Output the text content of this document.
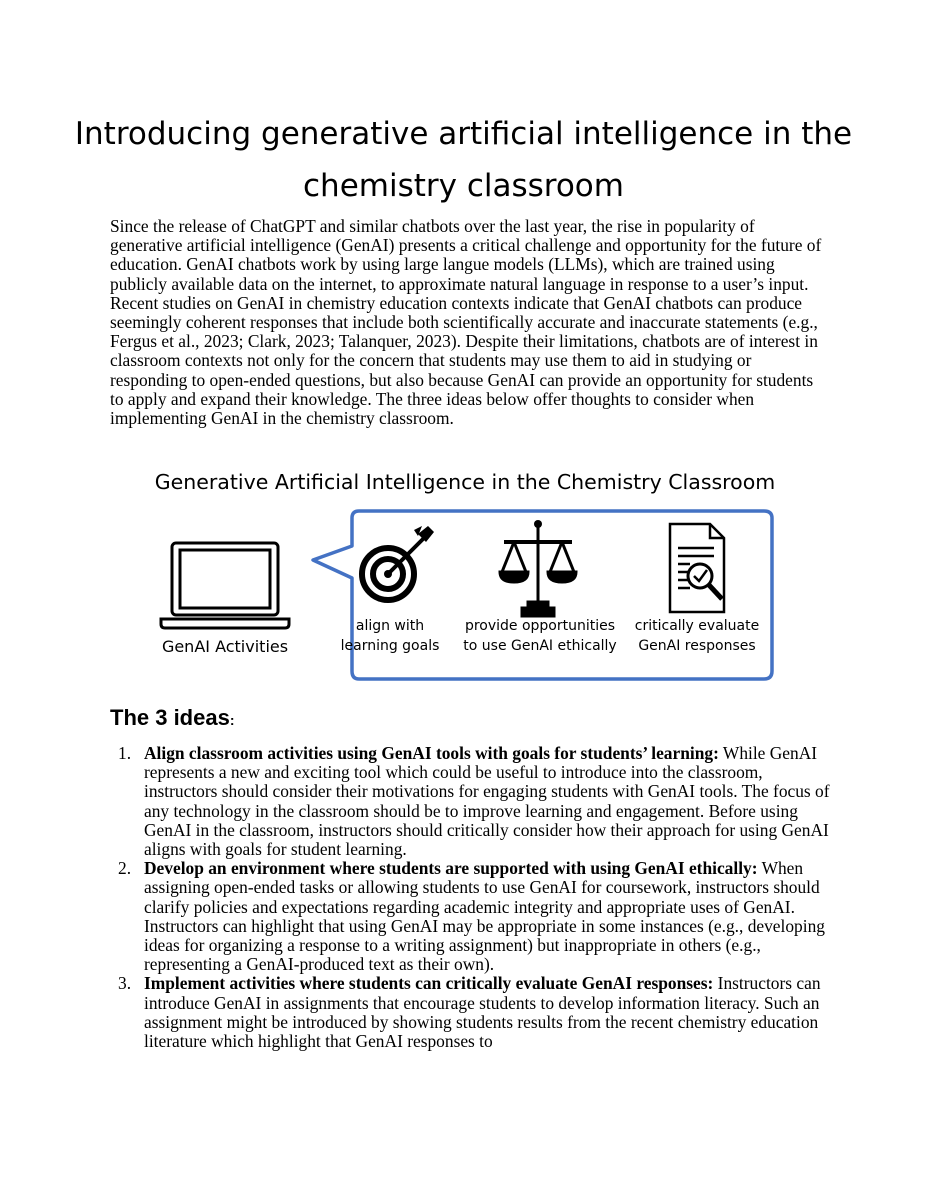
Introducing generative artificial intelligence in the chemistry classroom

Since the release of ChatGPT and similar chatbots over the last year, the rise in popularity of generative artificial intelligence (GenAI) presents a critical challenge and opportunity for the future of education. GenAI chatbots work by using large langue models (LLMs), which are trained using publicly available data on the internet, to approximate natural language in response to a user’s input. Recent studies on GenAI in chemistry education contexts indicate that GenAI chatbots can produce seemingly coherent responses that include both scientifically accurate and inaccurate statements (e.g., Fergus et al., 2023; Clark, 2023; Talanquer, 2023). Despite their limitations, chatbots are of interest in classroom contexts not only for the concern that students may use them to aid in studying or responding to open-ended questions, but also because GenAI can provide an opportunity for students to apply and expand their knowledge. The three ideas below offer thoughts to consider when implementing GenAI in the chemistry classroom.

Generative Artificial Intelligence in the Chemistry Classroom
GenAI Activities
align with
learning goals
provide opportunities
to use GenAI ethically
critically evaluate
GenAI responses
The 3 ideas:
1. Align classroom activities using GenAI tools with goals for students’ learning: While GenAI represents a new and exciting tool which could be useful to introduce into the classroom, instructors should consider their motivations for engaging students with GenAI tools. The focus of any technology in the classroom should be to improve learning and engagement. Before using GenAI in the classroom, instructors should critically consider how their approach for using GenAI aligns with goals for student learning.
2. Develop an environment where students are supported with using GenAI ethically: When assigning open-ended tasks or allowing students to use GenAI for coursework, instructors should clarify policies and expectations regarding academic integrity and appropriate uses of GenAI. Instructors can highlight that using GenAI may be appropriate in some instances (e.g., developing ideas for organizing a response to a writing assignment) but inappropriate in others (e.g., representing a GenAI-produced text as their own).
3. Implement activities where students can critically evaluate GenAI responses: Instructors can introduce GenAI in assignments that encourage students to develop information literacy. Such an assignment might be introduced by showing students results from the recent chemistry education literature which highlight that GenAI responses to
